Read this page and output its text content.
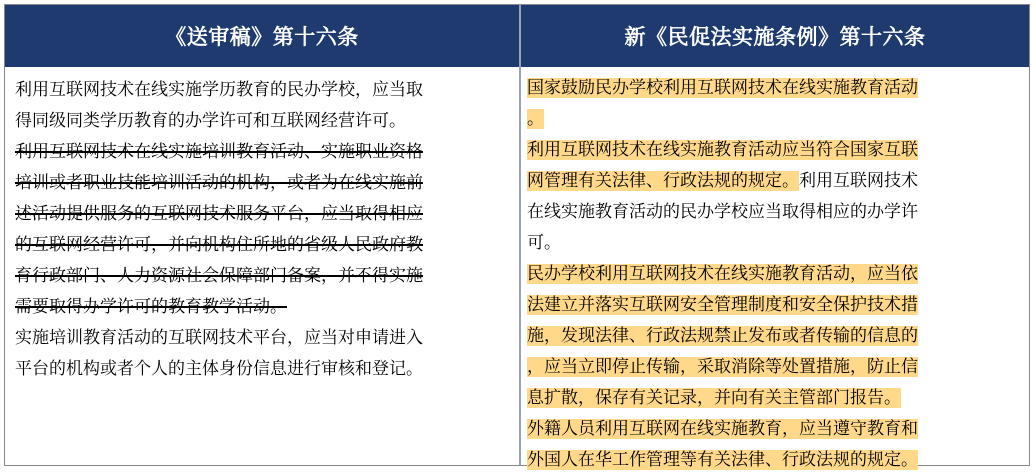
《送审稿》第十六条	新《民促法实施条例》第十六条
利用互联网技术在线实施学历教育的民办学校，应当取
得同级同类学历教育的办学许可和互联网经营许可。
利用互联网技术在线实施培训教育活动、实施职业资格
培训或者职业技能培训活动的机构，或者为在线实施前
述活动提供服务的互联网技术服务平台，应当取得相应
的互联网经营许可，并向机构住所地的省级人民政府教
育行政部门、人力资源社会保障部门备案，并不得实施
需要取得办学许可的教育教学活动。
实施培训教育活动的互联网技术平台，应当对申请进入
平台的机构或者个人的主体身份信息进行审核和登记。
国家鼓励民办学校利用互联网技术在线实施教育活动
。
利用互联网技术在线实施教育活动应当符合国家互联
网管理有关法律、行政法规的规定。利用互联网技术
在线实施教育活动的民办学校应当取得相应的办学许
可。
民办学校利用互联网技术在线实施教育活动，应当依
法建立并落实互联网安全管理制度和安全保护技术措
施，发现法律、行政法规禁止发布或者传输的信息的
，应当立即停止传输，采取消除等处置措施，防止信
息扩散，保存有关记录，并向有关主管部门报告。
外籍人员利用互联网在线实施教育，应当遵守教育和
外国人在华工作管理等有关法律、行政法规的规定。
